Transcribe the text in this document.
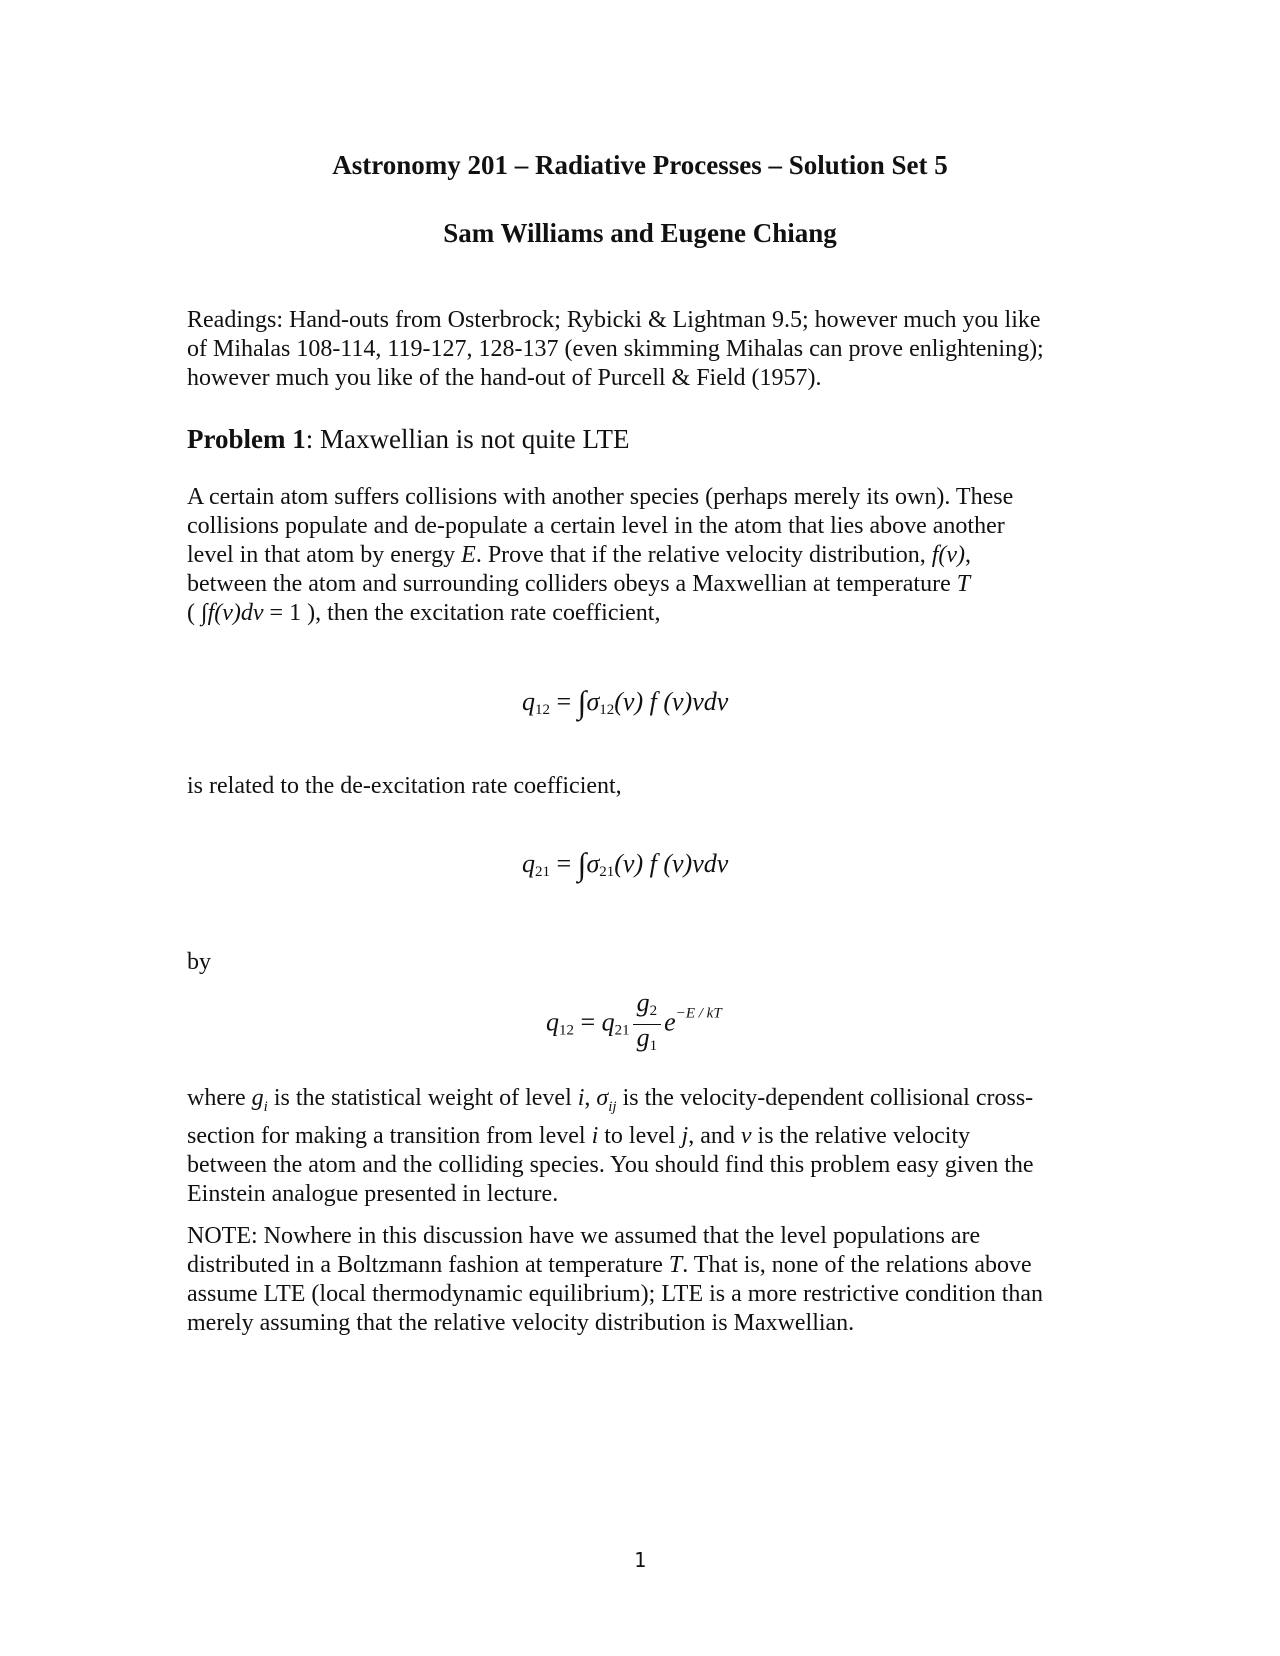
Astronomy 201 – Radiative Processes – Solution Set 5
Sam Williams and Eugene Chiang
Readings: Hand-outs from Osterbrock; Rybicki & Lightman 9.5; however much you like
of Mihalas 108-114, 119-127, 128-137 (even skimming Mihalas can prove enlightening);
however much you like of the hand-out of Purcell & Field (1957).
Problem 1: Maxwellian is not quite LTE
A certain atom suffers collisions with another species (perhaps merely its own). These
collisions populate and de-populate a certain level in the atom that lies above another
level in that atom by energy E. Prove that if the relative velocity distribution, f(v),
between the atom and surrounding colliders obeys a Maxwellian at temperature T
( ∫f(v)dv = 1 ), then the excitation rate coefficient,
$q_{12} = \int\sigma_{12}(v)$ f (v)vdv
is related to the de-excitation rate coefficient,
$q_{21} = \int\sigma_{21}(v)$ f (v)vdv
by
$q_{12} = q_{21} \frac{g_2}{g_1} e^{-E / kT}$
where $g_i$ is the statistical weight of level i, $\sigma_{ij}$ is the velocity-dependent collisional cross-
section for making a transition from level i to level j, and v is the relative velocity
between the atom and the colliding species. You should find this problem easy given the
Einstein analogue presented in lecture.
NOTE: Nowhere in this discussion have we assumed that the level populations are
distributed in a Boltzmann fashion at temperature T. That is, none of the relations above
assume LTE (local thermodynamic equilibrium); LTE is a more restrictive condition than
merely assuming that the relative velocity distribution is Maxwellian.
1
